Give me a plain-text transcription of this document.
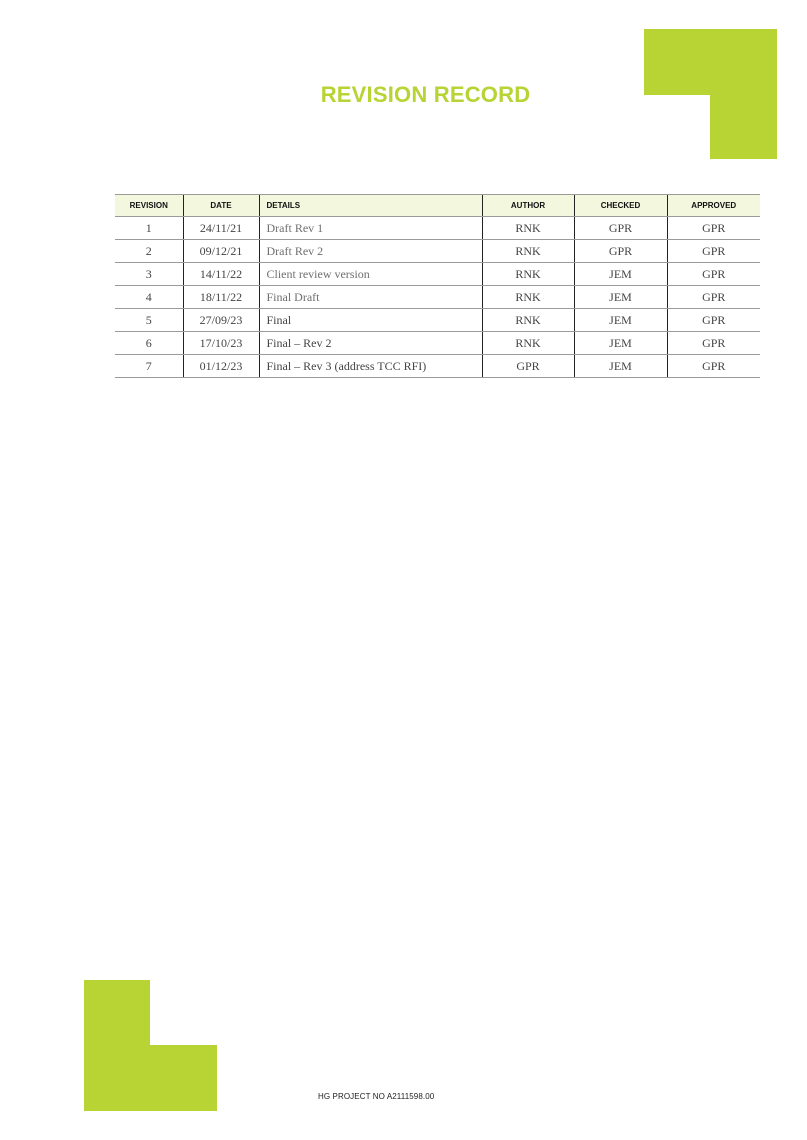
REVISION RECORD
REVISION	DATE	DETAILS	AUTHOR	CHECKED	APPROVED
1	24/11/21	Draft Rev 1	RNK	GPR	GPR
2	09/12/21	Draft Rev 2	RNK	GPR	GPR
3	14/11/22	Client review version	RNK	JEM	GPR
4	18/11/22	Final Draft	RNK	JEM	GPR
5	27/09/23	Final	RNK	JEM	GPR
6	17/10/23	Final – Rev 2	RNK	JEM	GPR
7	01/12/23	Final – Rev 3 (address TCC RFI)	GPR	JEM	GPR
HG PROJECT NO A2111598.00
